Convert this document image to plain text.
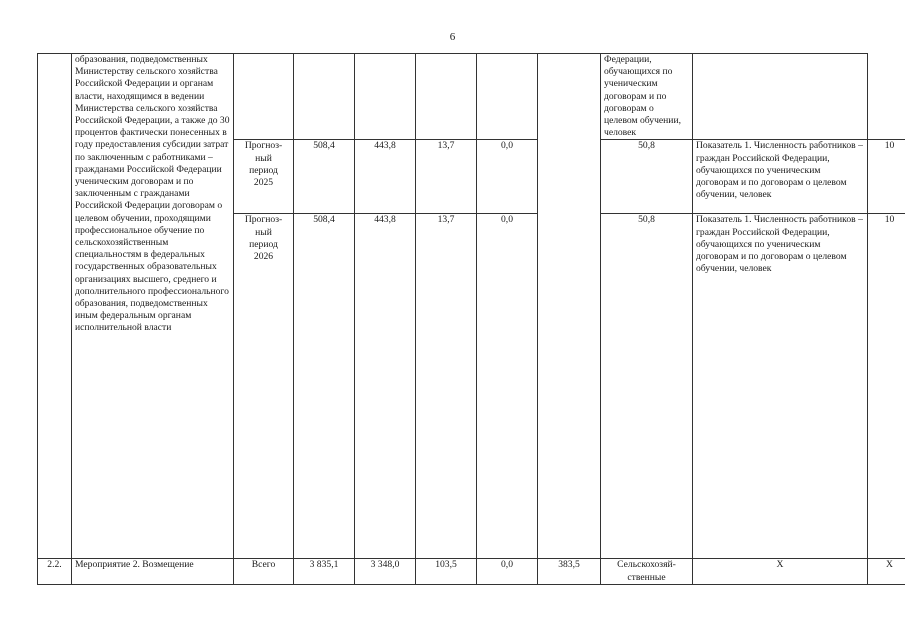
6
	образования, подведомственных Министерству сельского хозяйства Российской Федерации и органам власти, находящимся в ведении Министерства сельского хозяйства Российской Федерации, а также до 30 процентов фактически понесенных в году предоставления субсидии затрат по заключенным с работниками – гражданами Российской Федерации ученическим договорам и по заключенным с гражданами Российской Федерации договорам о целевом обучении, проходящими профессиональное обучение по сельскохозяйственным специальностям в федеральных государственных образовательных организациях высшего, среднего и дополнительного профессионального образования, подведомственных иным федеральным органам исполнительной власти							Федерации, обучающихся по ученическим договорам и по договорам о целевом обучении, человек		
		Прогноз-
ный
период
2025	508,4	443,8	13,7	0,0		50,8	Показатель 1. Численность работников – граждан Российской Федерации, обучающихся по ученическим договорам и по договорам о целевом обучении, человек	10
		Прогноз-
ный
период
2026	508,4	443,8	13,7	0,0		50,8	Показатель 1. Численность работников – граждан Российской Федерации, обучающихся по ученическим договорам и по договорам о целевом обучении, человек	10
2.2.	Мероприятие 2. Возмещение	Всего	3 835,1	3 348,0	103,5	0,0	383,5	Сельскохозяй-
ственные	X	X
